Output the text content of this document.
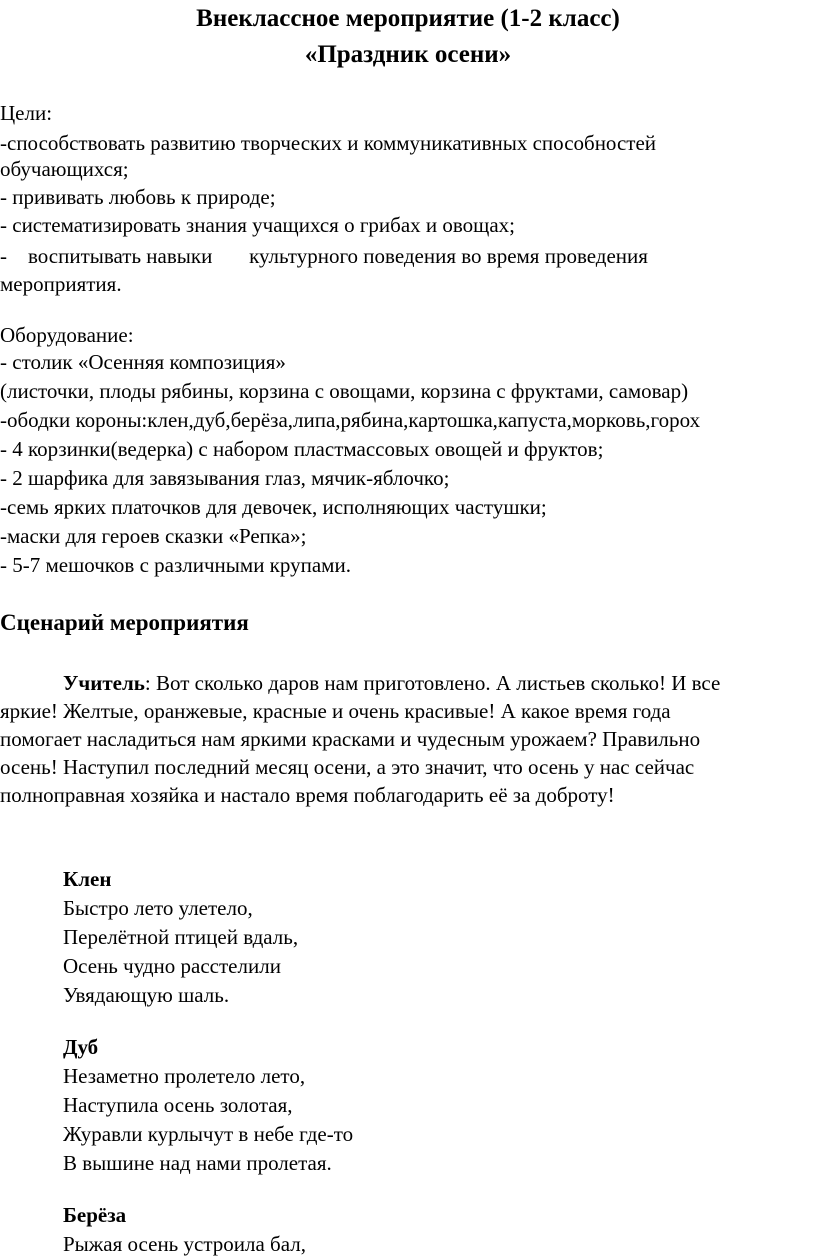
Внеклассное мероприятие (1-2 класс)
«Праздник осени»
Цели:
-способствовать развитию творческих и коммуникативных способностей
обучающихся;
- прививать любовь к природе;
- систематизировать знания учащихся о грибах и овощах;
-    воспитывать навыки       культурного поведения во время проведения
мероприятия.
Оборудование:
- столик «Осенняя композиция»
(листочки, плоды рябины, корзина с овощами, корзина с фруктами, самовар)
-ободки короны:клен,дуб,берёза,липа,рябина,картошка,капуста,морковь,горох
- 4 корзинки(ведерка) с набором пластмассовых овощей и фруктов;
- 2 шарфика для завязывания глаз, мячик-яблочко;
-семь ярких платочков для девочек, исполняющих частушки;
-маски для героев сказки «Репка»;
- 5-7 мешочков с различными крупами.
Сценарий мероприятия
Учитель: Вот сколько даров нам приготовлено. А листьев сколько! И все
яркие! Желтые, оранжевые, красные и очень красивые! А какое время года
помогает насладиться нам яркими красками и чудесным урожаем? Правильно
осень! Наступил последний месяц осени, а это значит, что осень у нас сейчас
полноправная хозяйка и настало время поблагодарить её за доброту!
Клен
Быстро лето улетело,
Перелётной птицей вдаль,
Осень чудно расстелили
Увядающую шаль.
Дуб
Незаметно пролетело лето,
Наступила осень золотая,
Журавли курлычут в небе где-то
В вышине над нами пролетая.
Берёза
Рыжая осень устроила бал,
